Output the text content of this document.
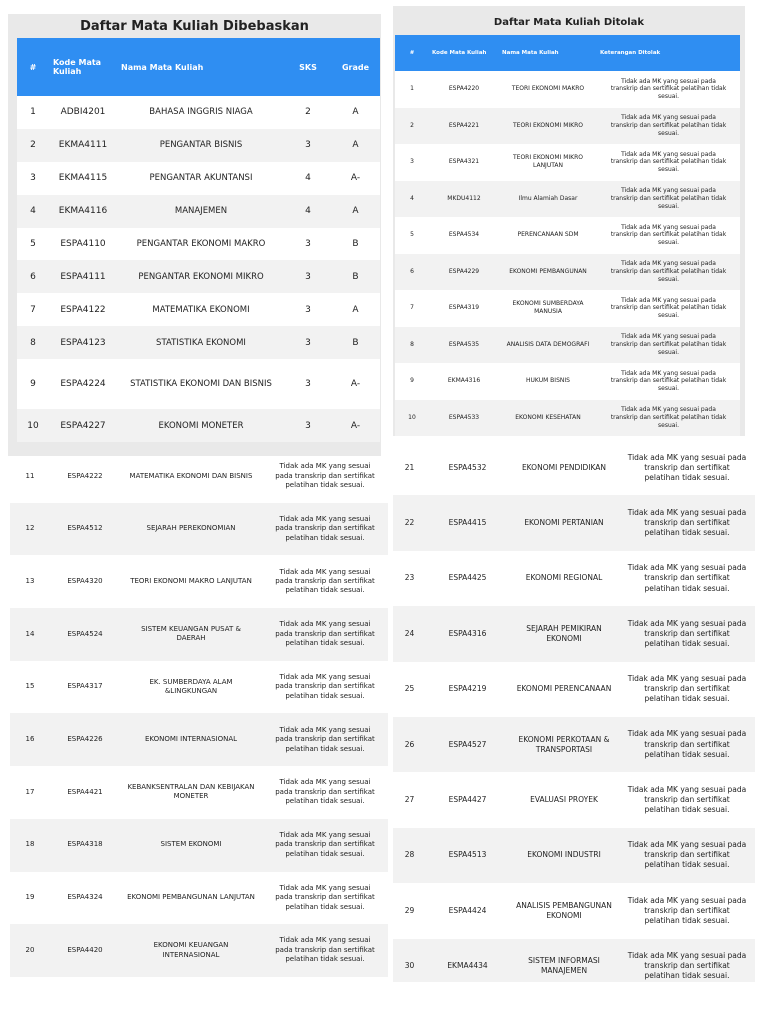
Daftar Mata Kuliah Dibebaskan
#	Kode Mata Kuliah	Nama Mata Kuliah	SKS	Grade
1	ADBI4201	BAHASA INGGRIS NIAGA	2	A
2	EKMA4111	PENGANTAR BISNIS	3	A
3	EKMA4115	PENGANTAR AKUNTANSI	4	A-
4	EKMA4116	MANAJEMEN	4	A
5	ESPA4110	PENGANTAR EKONOMI MAKRO	3	B
6	ESPA4111	PENGANTAR EKONOMI MIKRO	3	B
7	ESPA4122	MATEMATIKA EKONOMI	3	A
8	ESPA4123	STATISTIKA EKONOMI	3	B
9	ESPA4224	STATISTIKA EKONOMI DAN BISNIS	3	A-
10	ESPA4227	EKONOMI MONETER	3	A-
Daftar Mata Kuliah Ditolak
#	Kode Mata Kuliah	Nama Mata Kuliah	Keterangan Ditolak
1	ESPA4220	TEORI EKONOMI MAKRO	Tidak ada MK yang sesuai pada transkrip dan sertifikat pelatihan tidak sesuai.
2	ESPA4221	TEORI EKONOMI MIKRO	Tidak ada MK yang sesuai pada transkrip dan sertifikat pelatihan tidak sesuai.
3	ESPA4321	TEORI EKONOMI MIKRO LANJUTAN	Tidak ada MK yang sesuai pada transkrip dan sertifikat pelatihan tidak sesuai.
4	MKDU4112	Ilmu Alamiah Dasar	Tidak ada MK yang sesuai pada transkrip dan sertifikat pelatihan tidak sesuai.
5	ESPA4534	PERENCANAAN SDM	Tidak ada MK yang sesuai pada transkrip dan sertifikat pelatihan tidak sesuai.
6	ESPA4229	EKONOMI PEMBANGUNAN	Tidak ada MK yang sesuai pada transkrip dan sertifikat pelatihan tidak sesuai.
7	ESPA4319	EKONOMI SUMBERDAYA MANUSIA	Tidak ada MK yang sesuai pada transkrip dan sertifikat pelatihan tidak sesuai.
8	ESPA4535	ANALISIS DATA DEMOGRAFI	Tidak ada MK yang sesuai pada transkrip dan sertifikat pelatihan tidak sesuai.
9	EKMA4316	HUKUM BISNIS	Tidak ada MK yang sesuai pada transkrip dan sertifikat pelatihan tidak sesuai.
10	ESPA4533	EKONOMI KESEHATAN	Tidak ada MK yang sesuai pada transkrip dan sertifikat pelatihan tidak sesuai.
11	ESPA4222	MATEMATIKA EKONOMI DAN BISNIS	Tidak ada MK yang sesuai pada transkrip dan sertifikat pelatihan tidak sesuai.
12	ESPA4512	SEJARAH PEREKONOMIAN	Tidak ada MK yang sesuai pada transkrip dan sertifikat pelatihan tidak sesuai.
13	ESPA4320	TEORI EKONOMI MAKRO LANJUTAN	Tidak ada MK yang sesuai pada transkrip dan sertifikat pelatihan tidak sesuai.
14	ESPA4524	SISTEM KEUANGAN PUSAT & DAERAH	Tidak ada MK yang sesuai pada transkrip dan sertifikat pelatihan tidak sesuai.
15	ESPA4317	EK. SUMBERDAYA ALAM &LINGKUNGAN	Tidak ada MK yang sesuai pada transkrip dan sertifikat pelatihan tidak sesuai.
16	ESPA4226	EKONOMI INTERNASIONAL	Tidak ada MK yang sesuai pada transkrip dan sertifikat pelatihan tidak sesuai.
17	ESPA4421	KEBANKSENTRALAN DAN KEBIJAKAN MONETER	Tidak ada MK yang sesuai pada transkrip dan sertifikat pelatihan tidak sesuai.
18	ESPA4318	SISTEM EKONOMI	Tidak ada MK yang sesuai pada transkrip dan sertifikat pelatihan tidak sesuai.
19	ESPA4324	EKONOMI PEMBANGUNAN LANJUTAN	Tidak ada MK yang sesuai pada transkrip dan sertifikat pelatihan tidak sesuai.
20	ESPA4420	EKONOMI KEUANGAN INTERNASIONAL	Tidak ada MK yang sesuai pada transkrip dan sertifikat pelatihan tidak sesuai.
21	ESPA4532	EKONOMI PENDIDIKAN	Tidak ada MK yang sesuai pada transkrip dan sertifikat pelatihan tidak sesuai.
22	ESPA4415	EKONOMI PERTANIAN	Tidak ada MK yang sesuai pada transkrip dan sertifikat pelatihan tidak sesuai.
23	ESPA4425	EKONOMI REGIONAL	Tidak ada MK yang sesuai pada transkrip dan sertifikat pelatihan tidak sesuai.
24	ESPA4316	SEJARAH PEMIKIRAN EKONOMI	Tidak ada MK yang sesuai pada transkrip dan sertifikat pelatihan tidak sesuai.
25	ESPA4219	EKONOMI PERENCANAAN	Tidak ada MK yang sesuai pada transkrip dan sertifikat pelatihan tidak sesuai.
26	ESPA4527	EKONOMI PERKOTAAN & TRANSPORTASI	Tidak ada MK yang sesuai pada transkrip dan sertifikat pelatihan tidak sesuai.
27	ESPA4427	EVALUASI PROYEK	Tidak ada MK yang sesuai pada transkrip dan sertifikat pelatihan tidak sesuai.
28	ESPA4513	EKONOMI INDUSTRI	Tidak ada MK yang sesuai pada transkrip dan sertifikat pelatihan tidak sesuai.
29	ESPA4424	ANALISIS PEMBANGUNAN EKONOMI	Tidak ada MK yang sesuai pada transkrip dan sertifikat pelatihan tidak sesuai.
30	EKMA4434	SISTEM INFORMASI MANAJEMEN	Tidak ada MK yang sesuai pada transkrip dan sertifikat pelatihan tidak sesuai.
